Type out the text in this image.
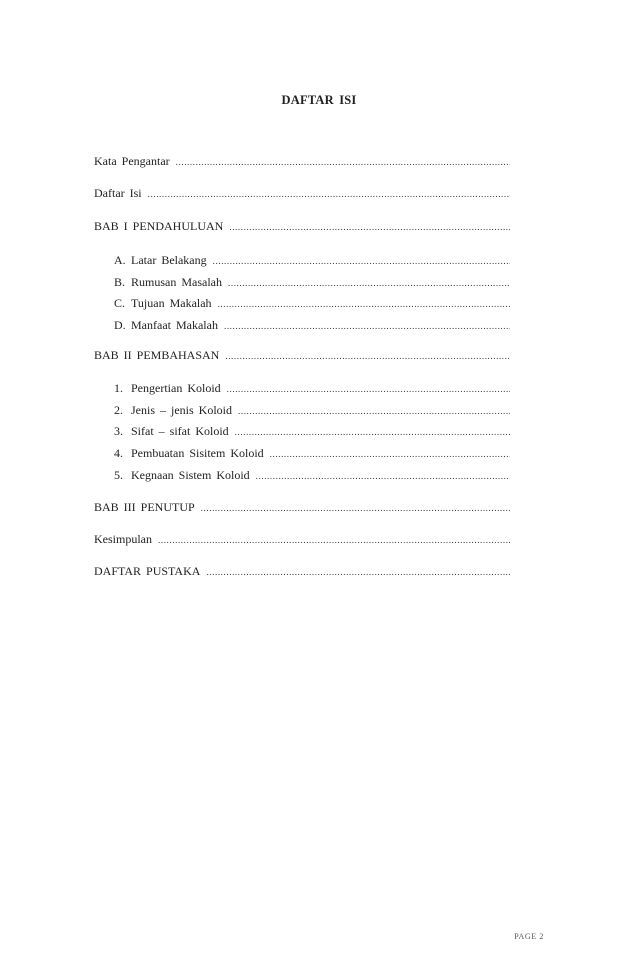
DAFTAR ISI
Kata Pengantar
.....
Daftar Isi
.....
BAB I PENDAHULUAN
.....
A. Latar Belakang
.....
B. Rumusan Masalah
.....
C. Tujuan Makalah
.....
D. Manfaat Makalah
.....
BAB II PEMBAHASAN
.....
1. Pengertian Koloid
.....
2. Jenis – jenis Koloid
.....
3. Sifat – sifat Koloid
.....
4. Pembuatan Sisitem Koloid
.....
5. Kegnaan Sistem Koloid
.....
BAB III PENUTUP
.....
Kesimpulan
.....
DAFTAR PUSTAKA
.....
PAGE 2
